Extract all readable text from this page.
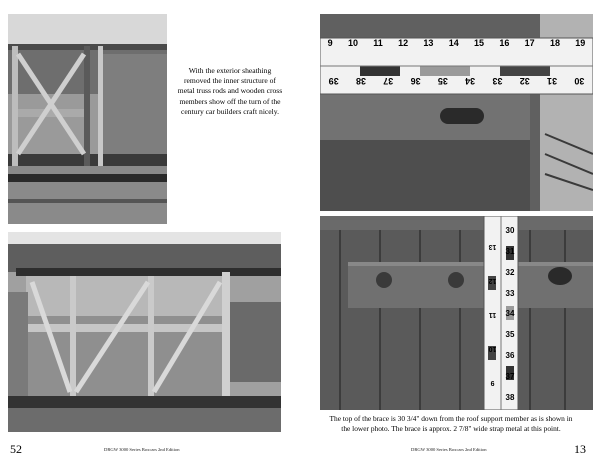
With the exterior sheathing
removed the inner structure of
metal truss rods and wooden cross
members show off the turn of the
century car builders craft nicely.
52	DRGW 3000 Series Boxcars 2nd Edition
9 10 11 12 13 14 15 16 17 18 19
30
31
32
33
34
35
36
37
38
39
30
31
32
33
34
35
36
37
38
9
10
11
12
13
The top of the brace is 30 3/4" down from the roof support member as is shown in
the lower photo. The brace is approx. 2 7/8" wide strap metal at this point.
DRGW 3000 Series Boxcars 2nd Edition	13
